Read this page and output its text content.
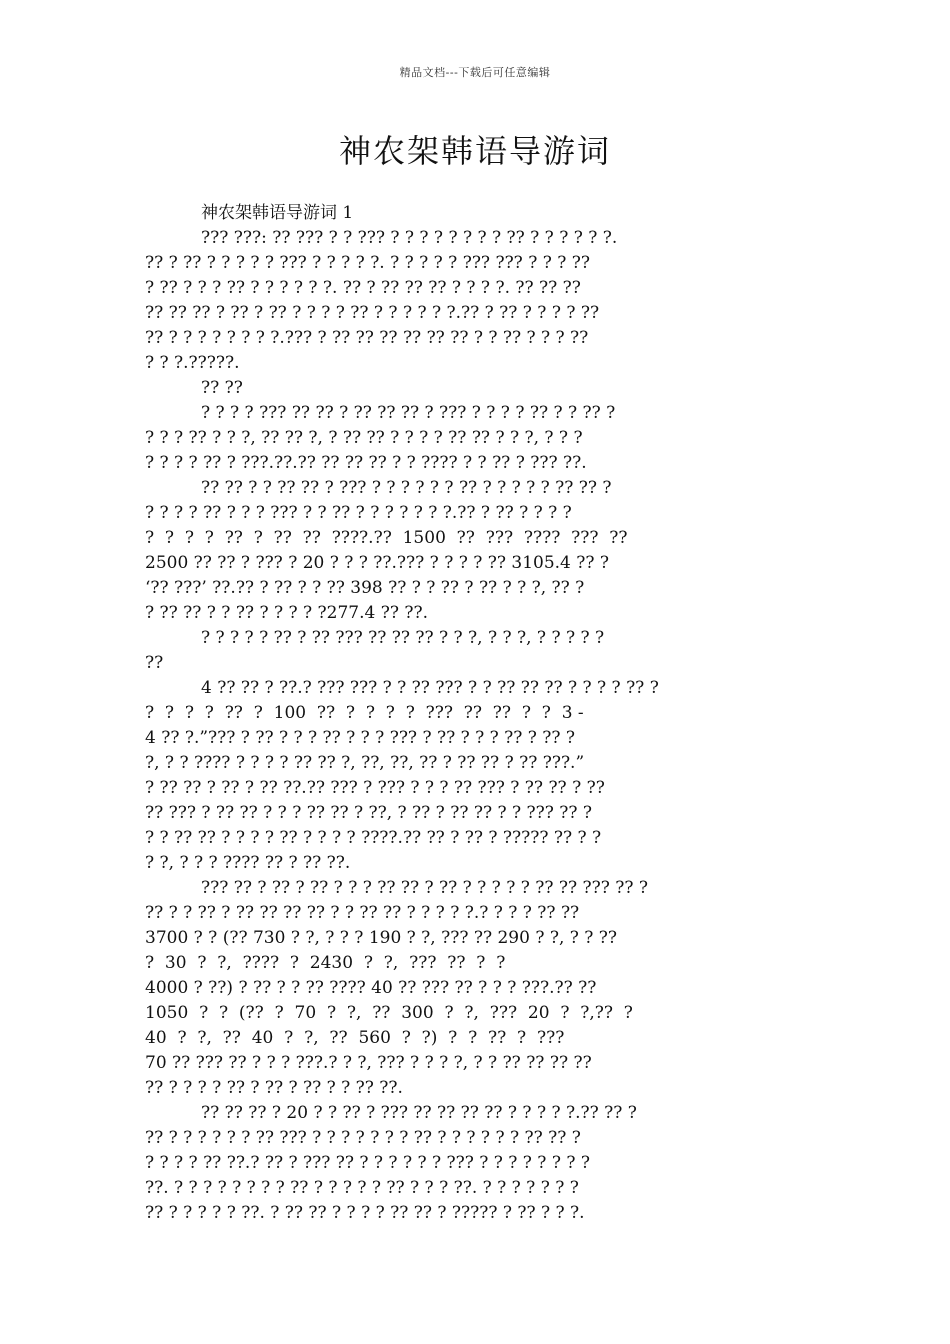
精品文档---下载后可任意编辑
神农架韩语导游词

神农架韩语导游词 1

??? ???: ?? ??? ? ? ??? ? ? ? ? ? ? ? ? ?? ? ? ? ? ? ?.
?? ? ?? ? ? ? ? ? ??? ? ? ? ? ?. ? ? ? ? ? ??? ??? ? ? ? ??
? ?? ? ? ? ?? ? ? ? ? ? ?. ?? ? ?? ?? ?? ? ? ? ?. ?? ?? ??
?? ?? ?? ? ?? ? ?? ? ? ? ? ?? ? ? ? ? ? ?.?? ? ?? ? ? ? ? ??
?? ? ? ? ? ? ? ? ?.??? ? ?? ?? ?? ?? ?? ?? ? ? ?? ? ? ? ??
? ? ?.?????.
?? ??
? ? ? ? ??? ?? ?? ? ?? ?? ?? ? ??? ? ? ? ? ?? ? ? ?? ?
? ? ? ?? ? ? ?, ?? ?? ?, ? ?? ?? ? ? ? ? ?? ?? ? ? ?, ? ? ?
? ? ? ? ?? ? ???.??.?? ?? ?? ?? ? ? ???? ? ? ?? ? ??? ??.
?? ?? ? ? ?? ?? ? ??? ? ? ? ? ? ? ?? ? ? ? ? ? ?? ?? ?
? ? ? ? ?? ? ? ? ??? ? ? ?? ? ? ? ? ? ? ?.?? ? ?? ? ? ? ?
?  ?  ?  ?  ??  ?  ??  ??  ????.??  1500  ??  ???  ????  ???  ??
2500 ?? ?? ? ??? ? 20 ? ? ? ??.??? ? ? ? ? ?? 3105.4 ?? ?
‘?? ???’ ??.?? ? ?? ? ? ?? 398 ?? ? ? ?? ? ?? ? ? ?, ?? ?
? ?? ?? ? ? ?? ? ? ? ? ?277.4 ?? ??.
? ? ? ? ? ?? ? ?? ??? ?? ?? ?? ? ? ?, ? ? ?, ? ? ? ? ?
??
4 ?? ?? ? ??.? ??? ??? ? ? ?? ??? ? ? ?? ?? ?? ? ? ? ? ?? ?
?  ?  ?  ?  ??  ?  100  ??  ?  ?  ?  ?  ???  ??  ??  ?  ?  3 -
4 ?? ?.”??? ? ?? ? ? ? ?? ? ? ? ??? ? ?? ? ? ? ?? ? ?? ?
?, ? ? ???? ? ? ? ? ?? ?? ?, ??, ??, ?? ? ?? ?? ? ?? ???.”
? ?? ?? ? ?? ? ?? ??.?? ??? ? ??? ? ? ? ?? ??? ? ?? ?? ? ??
?? ??? ? ?? ?? ? ? ? ?? ?? ? ??, ? ?? ? ?? ?? ? ? ??? ?? ?
? ? ?? ?? ? ? ? ? ?? ? ? ? ? ????.?? ?? ? ?? ? ????? ?? ? ?
? ?, ? ? ? ???? ?? ? ?? ??.
??? ?? ? ?? ? ?? ? ? ? ?? ?? ? ?? ? ? ? ? ? ?? ?? ??? ?? ?
?? ? ? ?? ? ?? ?? ?? ?? ? ? ?? ?? ? ? ? ? ?.? ? ? ? ?? ??
3700 ? ? (?? 730 ? ?, ? ? ? 190 ? ?, ??? ?? 290 ? ?, ? ? ??
?  30  ?  ?,  ????  ?  2430  ?  ?,  ???  ??  ?  ?
4000 ? ??) ? ?? ? ? ?? ???? 40 ?? ??? ?? ? ? ? ???.?? ??
1050  ?  ?  (??  ?  70  ?  ?,  ??  300  ?  ?,  ???  20  ?  ?,??  ?
40  ?  ?,  ??  40  ?  ?,  ??  560  ?  ?)  ?  ?  ??  ?  ???
70 ?? ??? ?? ? ? ? ???.? ? ?, ??? ? ? ? ?, ? ? ?? ?? ?? ??
?? ? ? ? ? ?? ? ?? ? ?? ? ? ?? ??.
?? ?? ?? ? 20 ? ? ?? ? ??? ?? ?? ?? ?? ? ? ? ? ?.?? ?? ?
?? ? ? ? ? ? ? ?? ??? ? ? ? ? ? ? ? ?? ? ? ? ? ? ? ?? ?? ?
? ? ? ? ?? ??.? ?? ? ??? ?? ? ? ? ? ? ? ??? ? ? ? ? ? ? ? ?
??. ? ? ? ? ? ? ? ? ?? ? ? ? ? ? ?? ? ? ? ??. ? ? ? ? ? ? ?
?? ? ? ? ? ? ??. ? ?? ?? ? ? ? ? ?? ?? ? ????? ? ?? ? ? ?.
